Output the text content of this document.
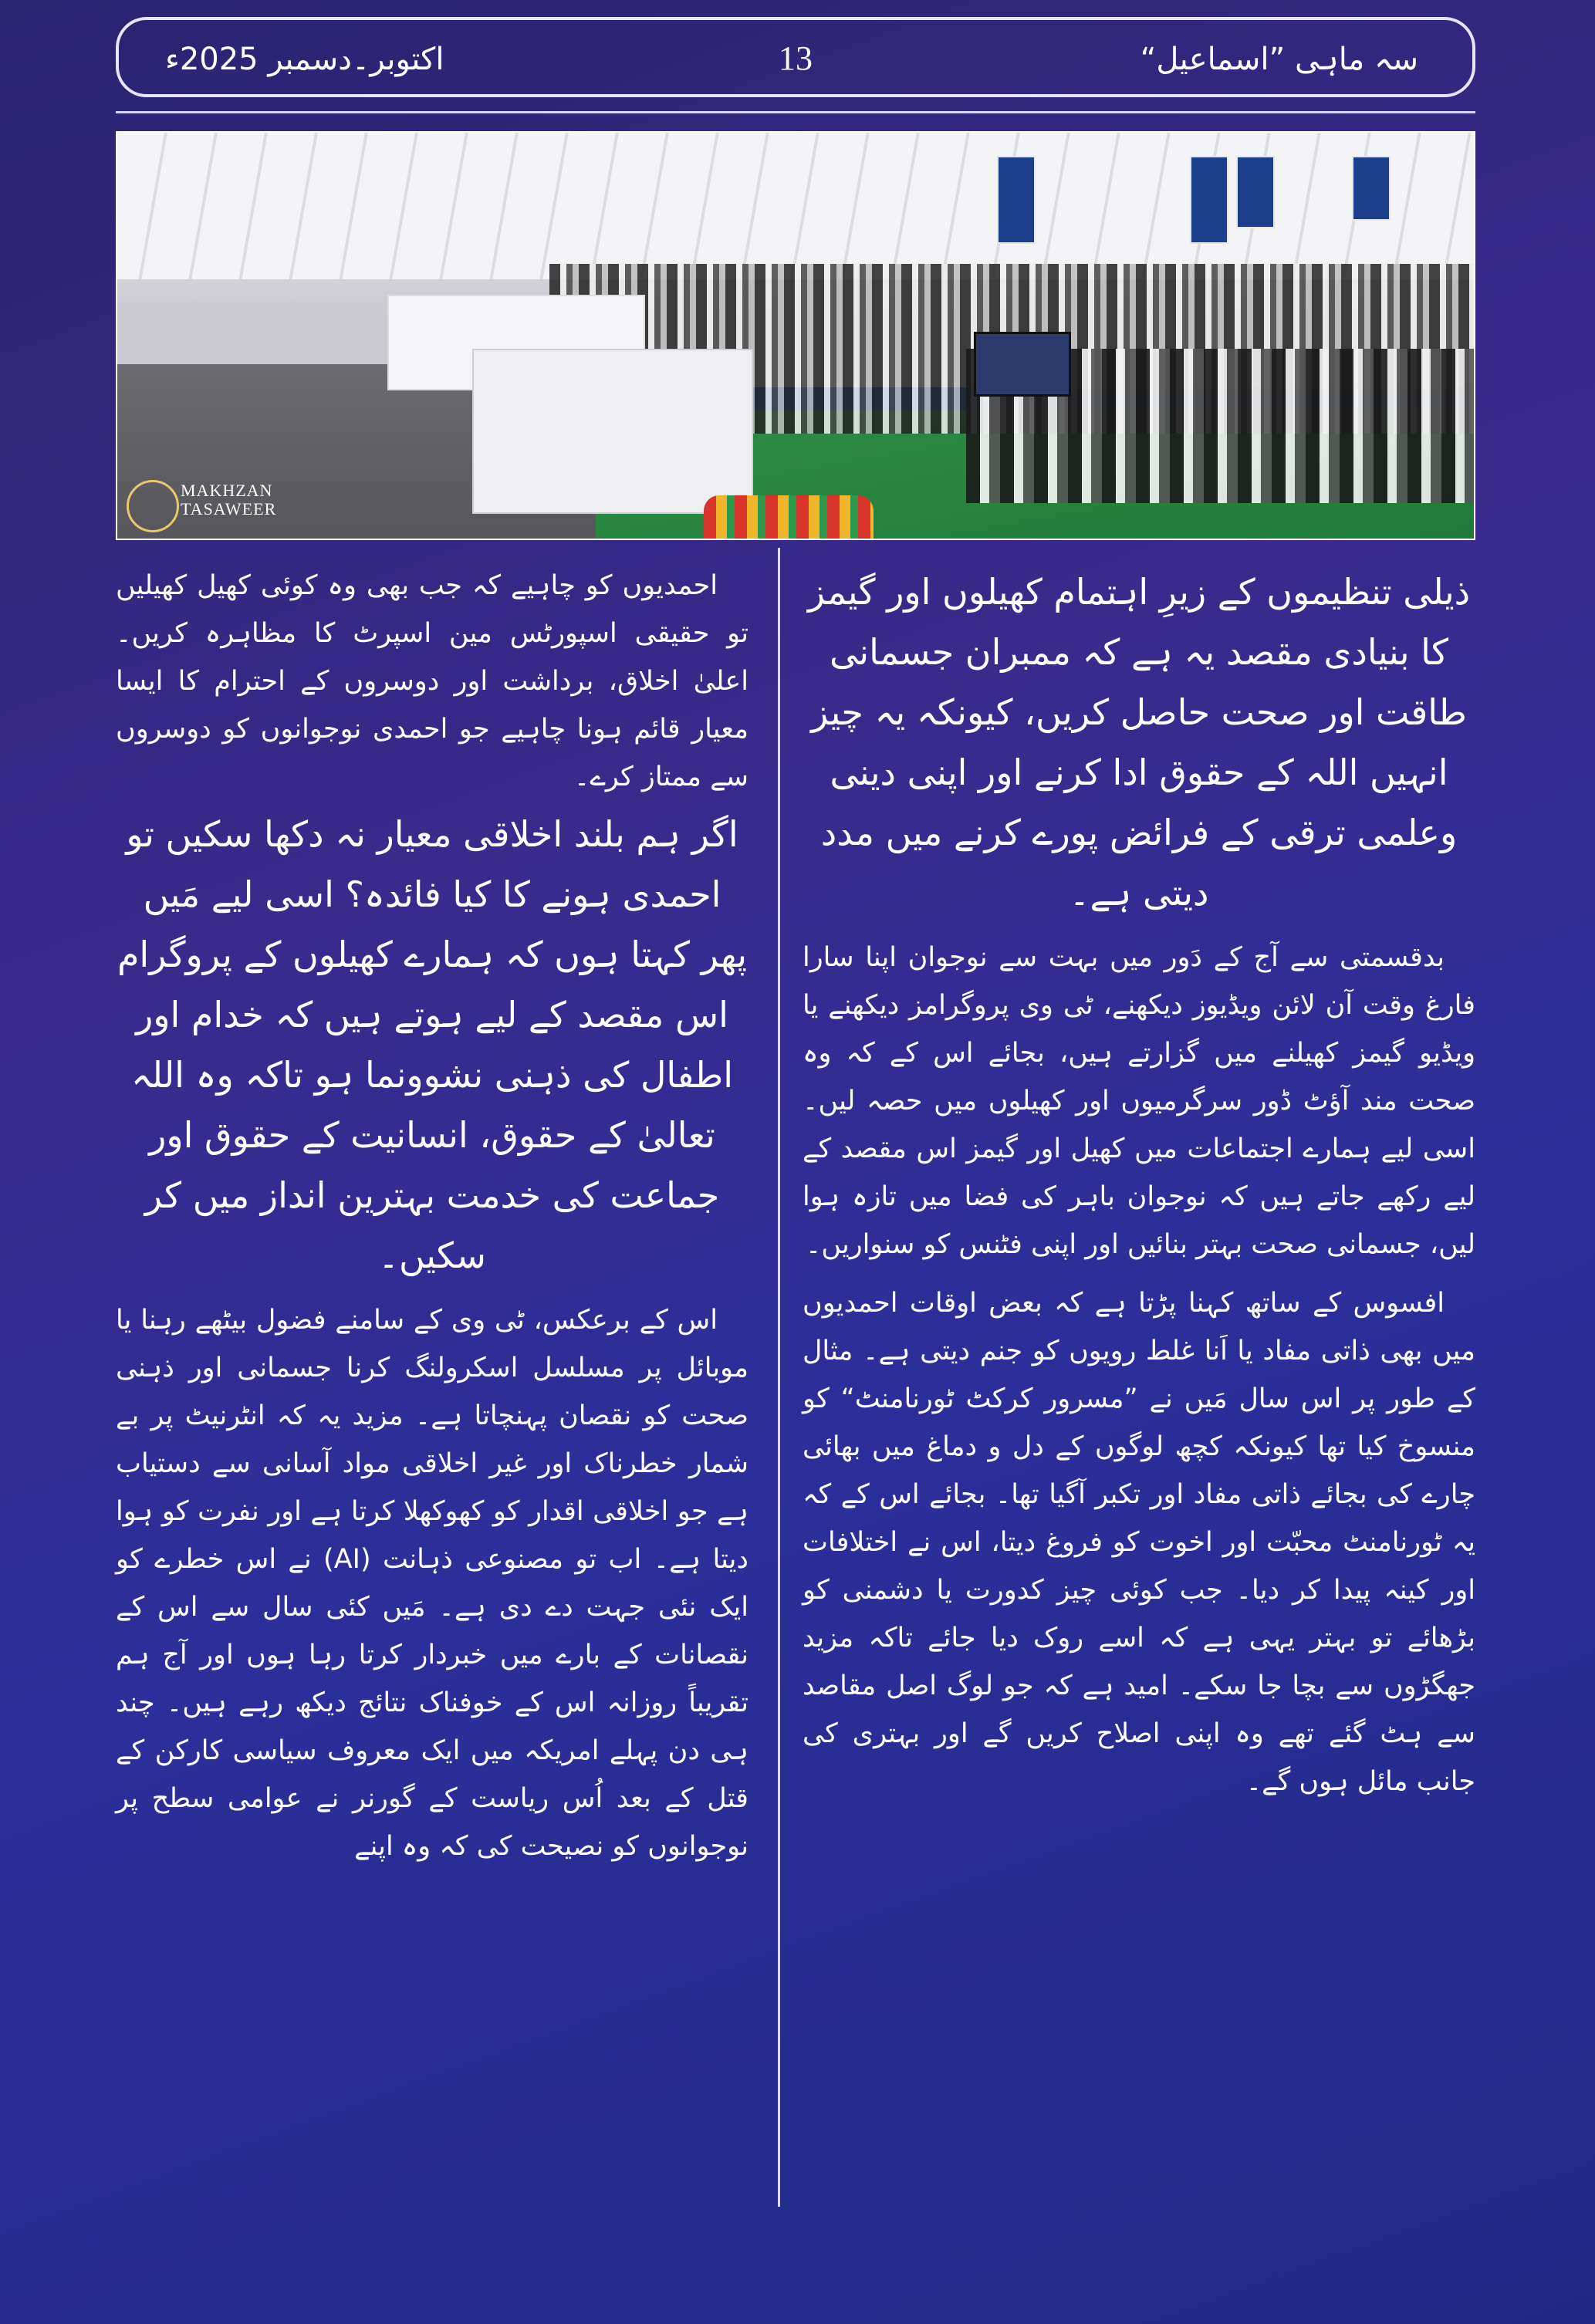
سہ ماہی ”اسماعیل“
13
اکتوبر۔دسمبر 2025ء
MAKHZAN TASAWEER

ذیلی تنظیموں کے زیرِ اہتمام کھیلوں اور گیمز کا بنیادی مقصد یہ ہے کہ ممبران جسمانی طاقت اور صحت حاصل کریں، کیونکہ یہ چیز انہیں اللہ کے حقوق ادا کرنے اور اپنی دینی وعلمی ترقی کے فرائض پورے کرنے میں مدد دیتی ہے۔

بدقسمتی سے آج کے دَور میں بہت سے نوجوان اپنا سارا فارغ وقت آن لائن ویڈیوز دیکھنے، ٹی وی پروگرامز دیکھنے یا ویڈیو گیمز کھیلنے میں گزارتے ہیں، بجائے اس کے کہ وہ صحت مند آؤٹ ڈور سرگرمیوں اور کھیلوں میں حصہ لیں۔ اسی لیے ہمارے اجتماعات میں کھیل اور گیمز اس مقصد کے لیے رکھے جاتے ہیں کہ نوجوان باہر کی فضا میں تازہ ہوا لیں، جسمانی صحت بہتر بنائیں اور اپنی فٹنس کو سنواریں۔

افسوس کے ساتھ کہنا پڑتا ہے کہ بعض اوقات احمدیوں میں بھی ذاتی مفاد یا اَنا غلط رویوں کو جنم دیتی ہے۔ مثال کے طور پر اس سال مَیں نے ”مسرور کرکٹ ٹورنامنٹ“ کو منسوخ کیا تھا کیونکہ کچھ لوگوں کے دل و دماغ میں بھائی چارے کی بجائے ذاتی مفاد اور تکبر آگیا تھا۔ بجائے اس کے کہ یہ ٹورنامنٹ محبّت اور اخوت کو فروغ دیتا، اس نے اختلافات اور کینہ پیدا کر دیا۔ جب کوئی چیز کدورت یا دشمنی کو بڑھائے تو بہتر یہی ہے کہ اسے روک دیا جائے تاکہ مزید جھگڑوں سے بچا جا سکے۔ امید ہے کہ جو لوگ اصل مقاصد سے ہٹ گئے تھے وہ اپنی اصلاح کریں گے اور بہتری کی جانب مائل ہوں گے۔

احمدیوں کو چاہیے کہ جب بھی وہ کوئی کھیل کھیلیں تو حقیقی اسپورٹس مین اسپرٹ کا مظاہرہ کریں۔ اعلیٰ اخلاق، برداشت اور دوسروں کے احترام کا ایسا معیار قائم ہونا چاہیے جو احمدی نوجوانوں کو دوسروں سے ممتاز کرے۔

اگر ہم بلند اخلاقی معیار نہ دکھا سکیں تو احمدی ہونے کا کیا فائدہ؟ اسی لیے مَیں پھر کہتا ہوں کہ ہمارے کھیلوں کے پروگرام اس مقصد کے لیے ہوتے ہیں کہ خدام اور اطفال کی ذہنی نشوونما ہو تاکہ وہ اللہ تعالیٰ کے حقوق، انسانیت کے حقوق اور جماعت کی خدمت بہترین انداز میں کر سکیں۔

اس کے برعکس، ٹی وی کے سامنے فضول بیٹھے رہنا یا موبائل پر مسلسل اسکرولنگ کرنا جسمانی اور ذہنی صحت کو نقصان پہنچاتا ہے۔ مزید یہ کہ انٹرنیٹ پر بے شمار خطرناک اور غیر اخلاقی مواد آسانی سے دستیاب ہے جو اخلاقی اقدار کو کھوکھلا کرتا ہے اور نفرت کو ہوا دیتا ہے۔ اب تو مصنوعی ذہانت (AI) نے اس خطرے کو ایک نئی جہت دے دی ہے۔ مَیں کئی سال سے اس کے نقصانات کے بارے میں خبردار کرتا رہا ہوں اور آج ہم تقریباً روزانہ اس کے خوفناک نتائج دیکھ رہے ہیں۔ چند ہی دن پہلے امریکہ میں ایک معروف سیاسی کارکن کے قتل کے بعد اُس ریاست کے گورنر نے عوامی سطح پر نوجوانوں کو نصیحت کی کہ وہ اپنے
